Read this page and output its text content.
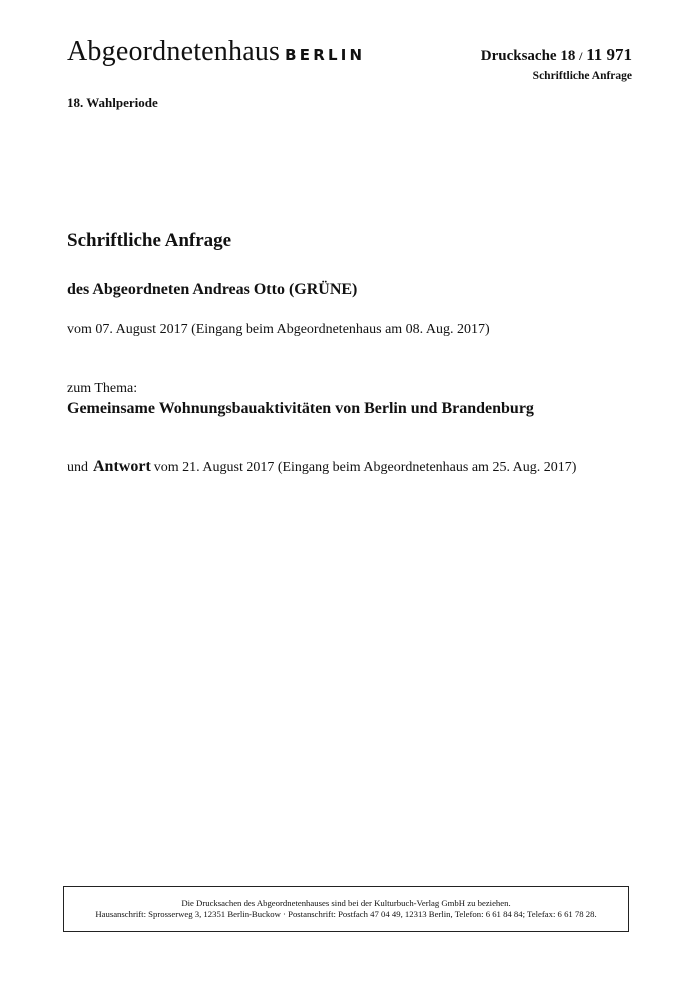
Abgeordnetenhaus BERLIN	Drucksache 18 / 11 971
Schriftliche Anfrage
18. Wahlperiode
Schriftliche Anfrage
des Abgeordneten Andreas Otto (GRÜNE)
vom 07. August 2017 (Eingang beim Abgeordnetenhaus am 08. Aug. 2017)
zum Thema:
Gemeinsame Wohnungsbauaktivitäten von Berlin und Brandenburg
und Antwort vom 21. August 2017 (Eingang beim Abgeordnetenhaus am 25. Aug. 2017)
Die Drucksachen des Abgeordnetenhauses sind bei der Kulturbuch-Verlag GmbH zu beziehen.
Hausanschrift: Sprosserweg 3, 12351 Berlin-Buckow · Postanschrift: Postfach 47 04 49, 12313 Berlin, Telefon: 6 61 84 84; Telefax: 6 61 78 28.
